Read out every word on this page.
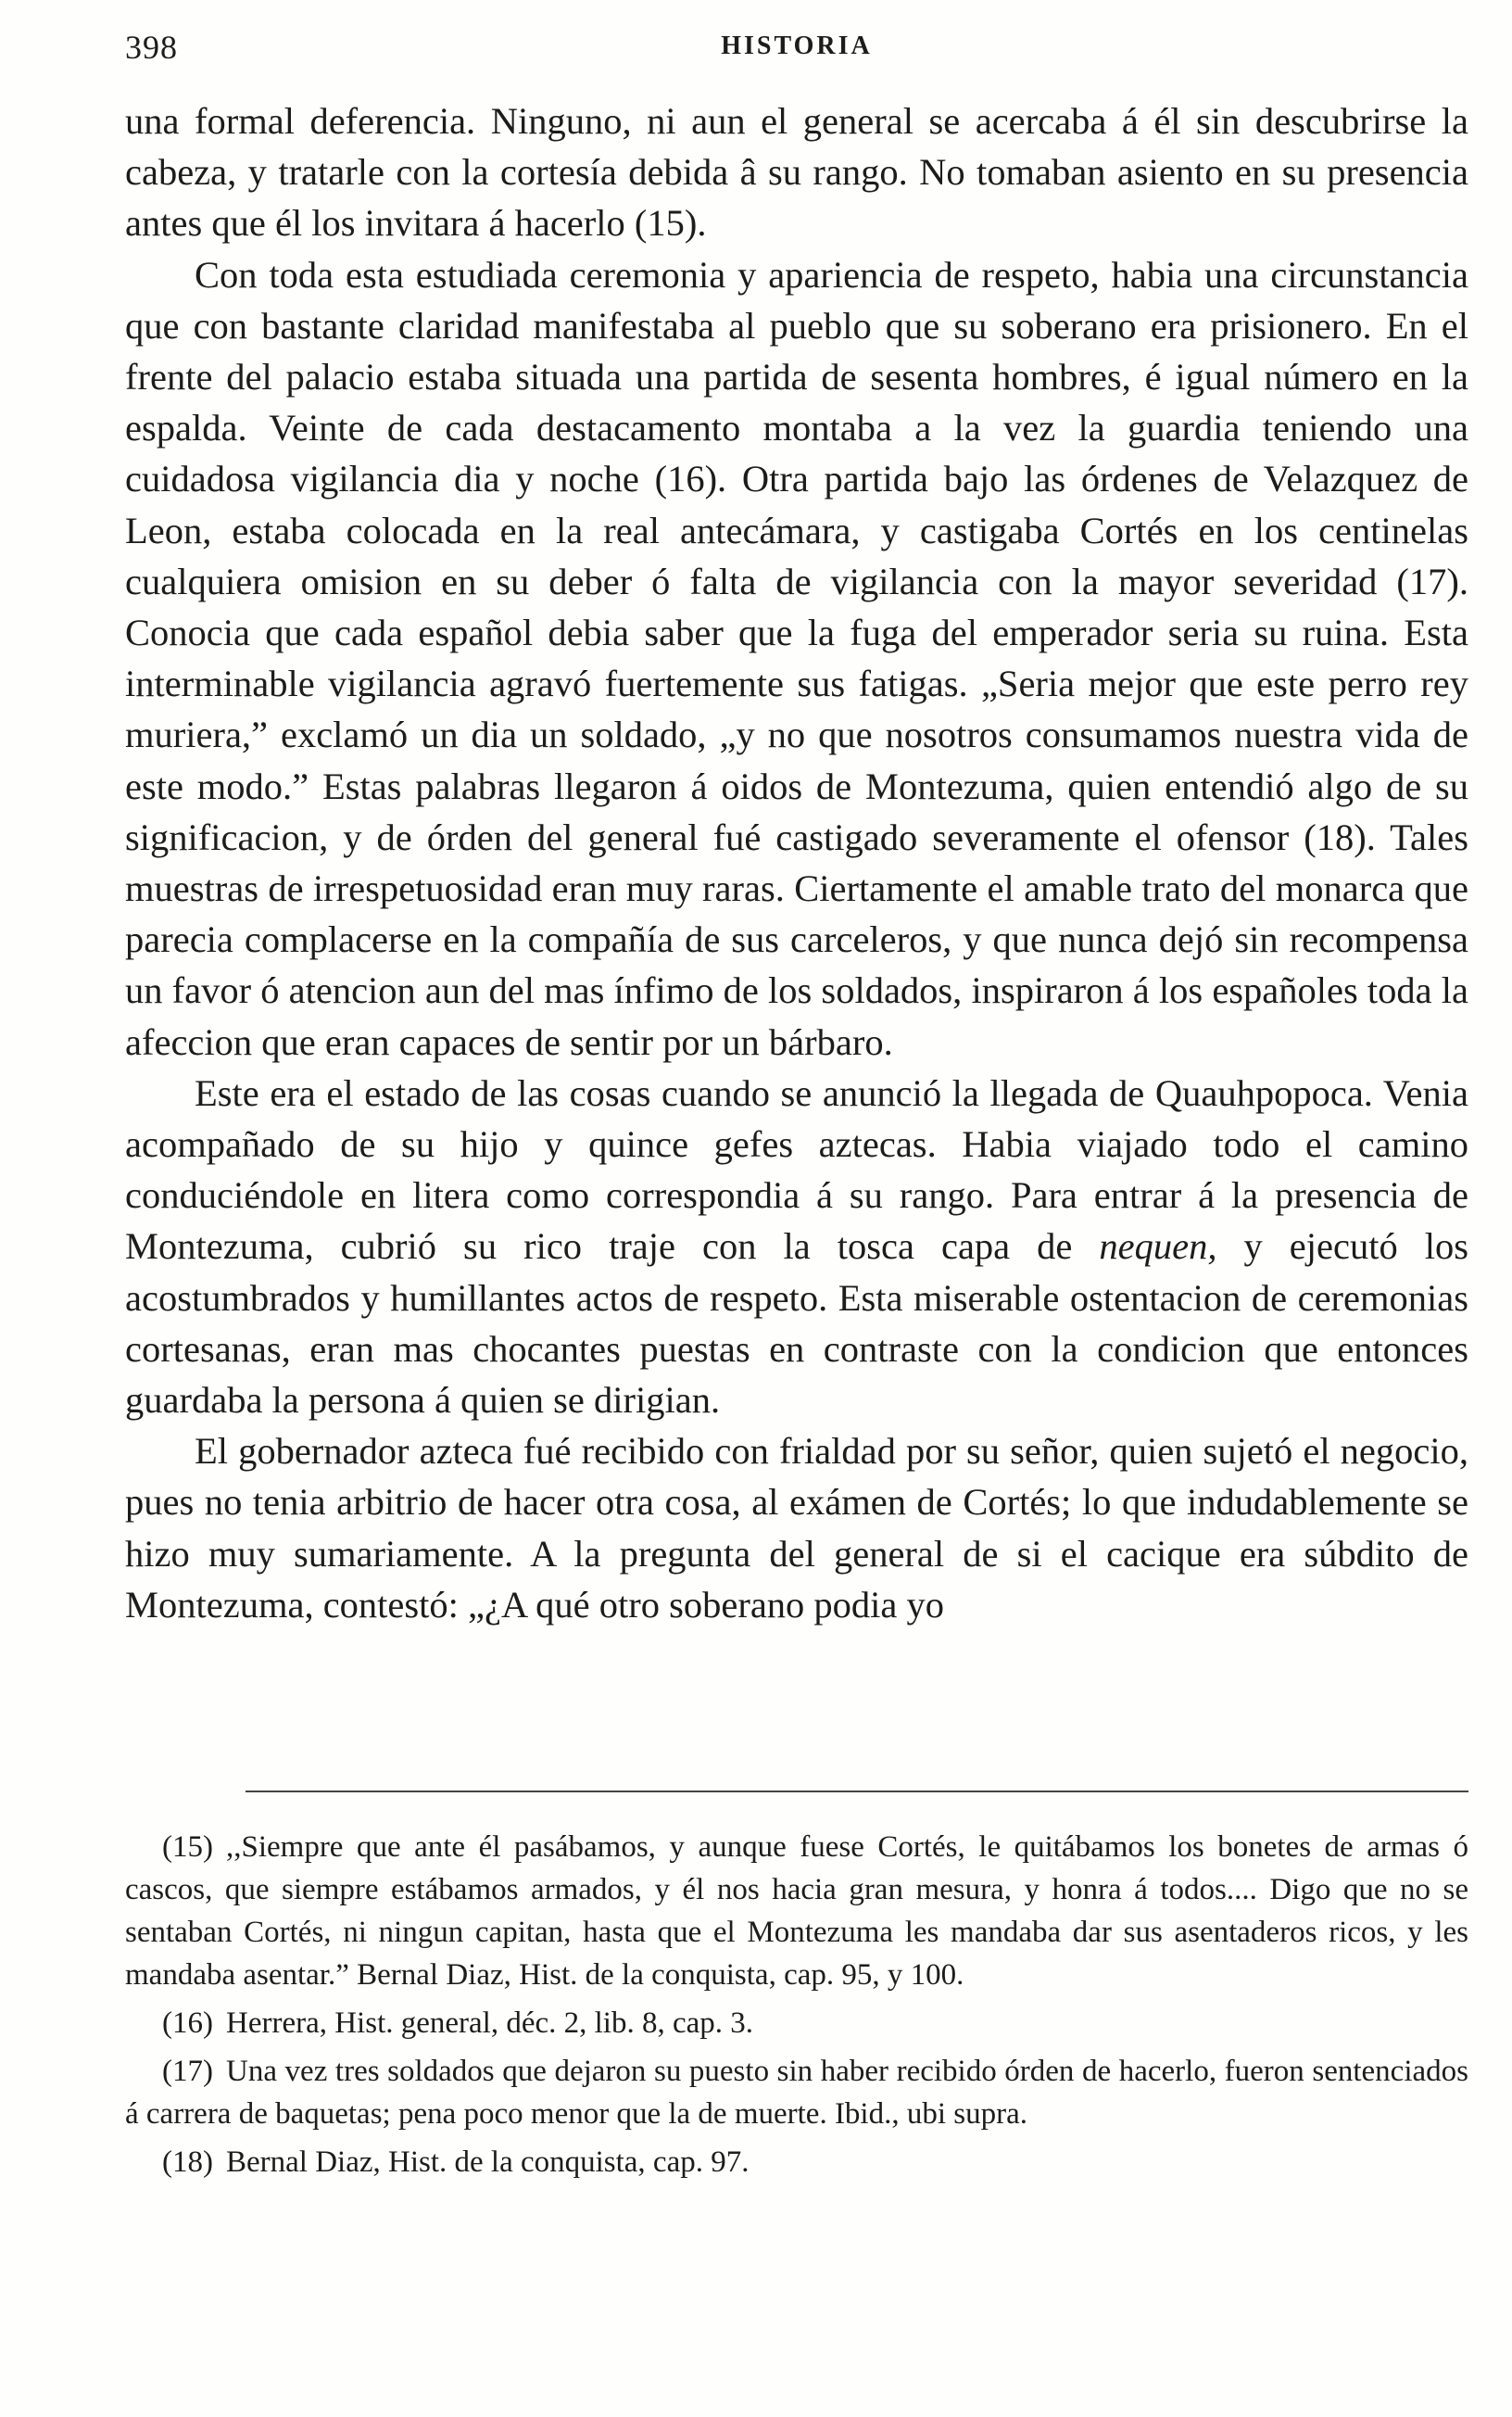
398	HISTORIA

una formal deferencia. Ninguno, ni aun el general se acercaba á él sin descubrirse la cabeza, y tratarle con la cortesía debida â su rango. No tomaban asiento en su presencia antes que él los invitara á hacerlo (15).

Con toda esta estudiada ceremonia y apariencia de respeto, habia una circunstancia que con bastante claridad manifestaba al pueblo que su soberano era prisionero. En el frente del palacio estaba situada una partida de sesenta hombres, é igual número en la espalda. Veinte de cada destacamento montaba a la vez la guardia teniendo una cuidadosa vigilancia dia y noche (16). Otra partida bajo las órdenes de Velazquez de Leon, estaba colocada en la real antecámara, y castigaba Cortés en los centinelas cualquiera omision en su deber ó falta de vigilancia con la mayor severidad (17). Conocia que cada español debia saber que la fuga del emperador seria su ruina. Esta interminable vigilancia agravó fuertemente sus fatigas. „Seria mejor que este perro rey muriera,” exclamó un dia un soldado, „y no que nosotros consumamos nuestra vida de este modo.” Estas palabras llegaron á oidos de Montezuma, quien entendió algo de su significacion, y de órden del general fué castigado severamente el ofensor (18). Tales muestras de irrespetuosidad eran muy raras. Ciertamente el amable trato del monarca que parecia complacerse en la compañía de sus carceleros, y que nunca dejó sin recompensa un favor ó atencion aun del mas ínfimo de los soldados, inspiraron á los españoles toda la afeccion que eran capaces de sentir por un bárbaro.

Este era el estado de las cosas cuando se anunció la llegada de Quauhpopoca. Venia acompañado de su hijo y quince gefes aztecas. Habia viajado todo el camino conduciéndole en litera como correspondia á su rango. Para entrar á la presencia de Montezuma, cubrió su rico traje con la tosca capa de nequen, y ejecutó los acostumbrados y humillantes actos de respeto. Esta miserable ostentacion de ceremonias cortesanas, eran mas chocantes puestas en contraste con la condicion que entonces guardaba la persona á quien se dirigian.

El gobernador azteca fué recibido con frialdad por su señor, quien sujetó el negocio, pues no tenia arbitrio de hacer otra cosa, al exámen de Cortés; lo que indudablemente se hizo muy sumariamente. A la pregunta del general de si el cacique era súbdito de Montezuma, contestó: „¿A qué otro soberano podia yo

(15) ,,Siempre que ante él pasábamos, y aunque fuese Cortés, le quitábamos los bonetes de armas ó cascos, que siempre estábamos armados, y él nos hacia gran mesura, y honra á todos.... Digo que no se sentaban Cortés, ni ningun capitan, hasta que el Montezuma les mandaba dar sus asentaderos ricos, y les mandaba asentar.” Bernal Diaz, Hist. de la conquista, cap. 95, y 100.

(16) Herrera, Hist. general, déc. 2, lib. 8, cap. 3.

(17) Una vez tres soldados que dejaron su puesto sin haber recibido órden de hacerlo, fueron sentenciados á carrera de baquetas; pena poco menor que la de muerte. Ibid., ubi supra.

(18) Bernal Diaz, Hist. de la conquista, cap. 97.
